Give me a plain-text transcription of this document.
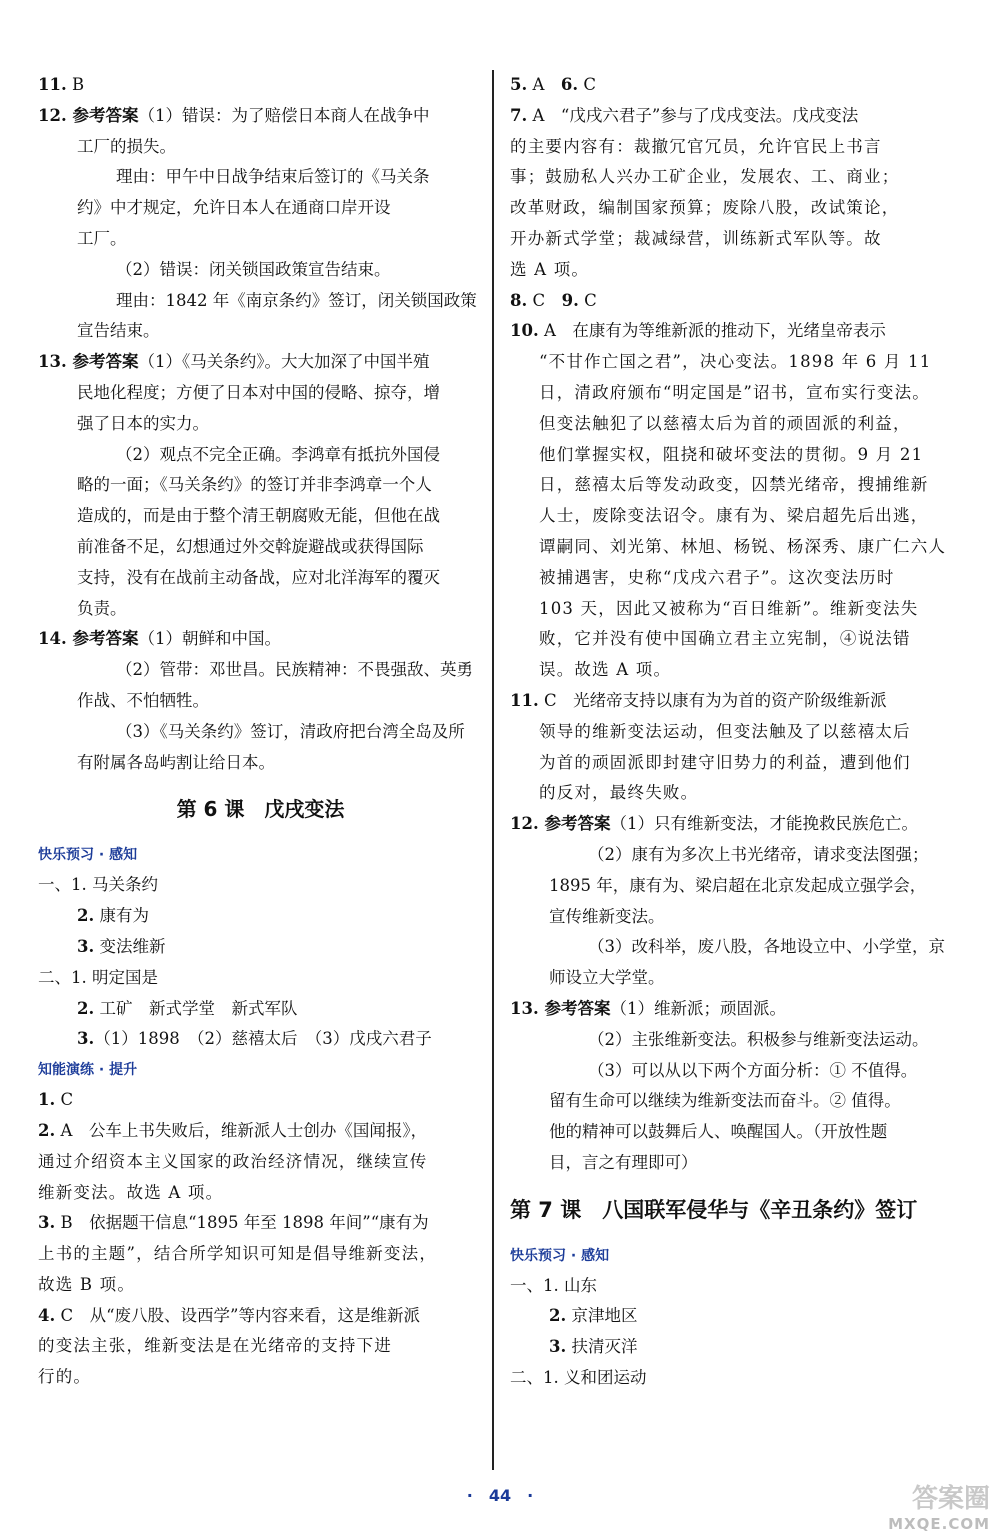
11. B
12. 参考答案（1）错误：为了赔偿日本商人在战争中
工厂的损失。
理由：甲午中日战争结束后签订的《马关条
约》中才规定，允许日本人在通商口岸开设
工厂。
（2）错误：闭关锁国政策宣告结束。
理由：1842 年《南京条约》签订，闭关锁国政策
宣告结束。
13. 参考答案（1）《马关条约》。大大加深了中国半殖
民地化程度；方便了日本对中国的侵略、掠夺，增
强了日本的实力。
（2）观点不完全正确。李鸿章有抵抗外国侵
略的一面；《马关条约》的签订并非李鸿章一个人
造成的，而是由于整个清王朝腐败无能，但他在战
前准备不足，幻想通过外交斡旋避战或获得国际
支持，没有在战前主动备战，应对北洋海军的覆灭
负责。
14. 参考答案（1）朝鲜和中国。
（2）管带：邓世昌。民族精神：不畏强敌、英勇
作战、不怕牺牲。
（3）《马关条约》签订，清政府把台湾全岛及所
有附属各岛屿割让给日本。
第 6 课　戊戌变法
快乐预习 · 感知
一、1. 马关条约
2. 康有为
3. 变法维新
二、1. 明定国是
2. 工矿　新式学堂　新式军队
3.（1）1898　（2）慈禧太后　（3）戊戌六君子
知能演练 · 提升
1. C
2. A　公车上书失败后，维新派人士创办《国闻报》，
通过介绍资本主义国家的政治经济情况，继续宣传
维新变法。故选 A 项。
3. B　依据题干信息“1895 年至 1898 年间”“康有为
上书的主题”，结合所学知识可知是倡导维新变法，
故选 B 项。
4. C　从“废八股、设西学”等内容来看，这是维新派
的变法主张，维新变法是在光绪帝的支持下进
行的。
5. A　6. C
7. A　“戊戌六君子”参与了戊戌变法。戊戌变法
的主要内容有：裁撤冗官冗员，允许官民上书言
事；鼓励私人兴办工矿企业，发展农、工、商业；
改革财政，编制国家预算；废除八股，改试策论，
开办新式学堂；裁减绿营，训练新式军队等。故
选 A 项。
8. C　9. C
10. A　在康有为等维新派的推动下，光绪皇帝表示
“不甘作亡国之君”，决心变法。1898 年 6 月 11
日，清政府颁布“明定国是”诏书，宣布实行变法。
但变法触犯了以慈禧太后为首的顽固派的利益，
他们掌握实权，阻挠和破坏变法的贯彻。9 月 21
日，慈禧太后等发动政变，囚禁光绪帝，搜捕维新
人士，废除变法诏令。康有为、梁启超先后出逃，
谭嗣同、刘光第、林旭、杨锐、杨深秀、康广仁六人
被捕遇害，史称“戊戌六君子”。这次变法历时
103 天，因此又被称为“百日维新”。维新变法失
败，它并没有使中国确立君主立宪制，④说法错
误。故选 A 项。
11. C　光绪帝支持以康有为为首的资产阶级维新派
领导的维新变法运动，但变法触及了以慈禧太后
为首的顽固派即封建守旧势力的利益，遭到他们
的反对，最终失败。
12. 参考答案（1）只有维新变法，才能挽救民族危亡。
（2）康有为多次上书光绪帝，请求变法图强；
1895 年，康有为、梁启超在北京发起成立强学会，
宣传维新变法。
（3）改科举，废八股，各地设立中、小学堂，京
师设立大学堂。
13. 参考答案（1）维新派；顽固派。
（2）主张维新变法。积极参与维新变法运动。
（3）可以从以下两个方面分析：① 不值得。
留有生命可以继续为维新变法而奋斗。② 值得。
他的精神可以鼓舞后人、唤醒国人。（开放性题
目，言之有理即可）
第 7 课　八国联军侵华与《辛丑条约》签订
快乐预习 · 感知
一、1. 山东
2. 京津地区
3. 扶清灭洋
二、1. 义和团运动
· 44 ·	答案圈
MXQE.COM
